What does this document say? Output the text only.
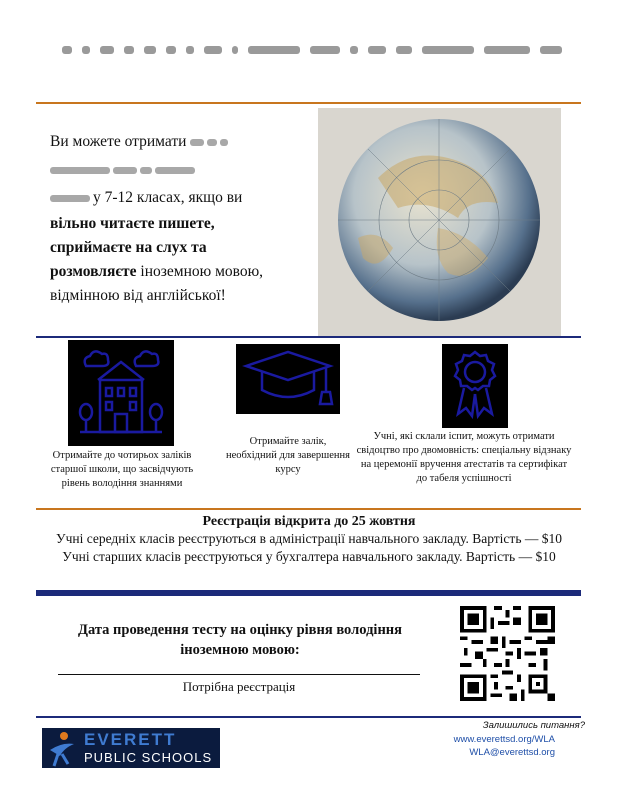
Ви можете отримати
у 7-12 класах, якщо ви
вільно читаєте пишете,
сприймаєте на слух та
розмовляєте іноземною мовою,
відмінною від англійської!
Отримайте до чотирьох заліків старшої школи, що засвідчують рівень володіння знаннями
Отримайте залік, необхідний для завершення курсу
Учні, які склали іспит, можуть отримати свідоцтво про двомовність: спеціальну відзнаку на церемонії вручення атестатів та сертифікат до табеля успішності
Реєстрація відкрита до 25 жовтня
Учні середніх класів реєструються в адміністрації навчального закладу. Вартість — $10
Учні старших класів реєструються у бухгалтера навчального закладу. Вартість — $10
Дата проведення тесту на оцінку рівня володіння іноземною мовою:
Потрібна реєстрація
Залишились питання?
www.everettsd.org/WLA
WLA@everettsd.org
EVERETT
PUBLIC SCHOOLS
